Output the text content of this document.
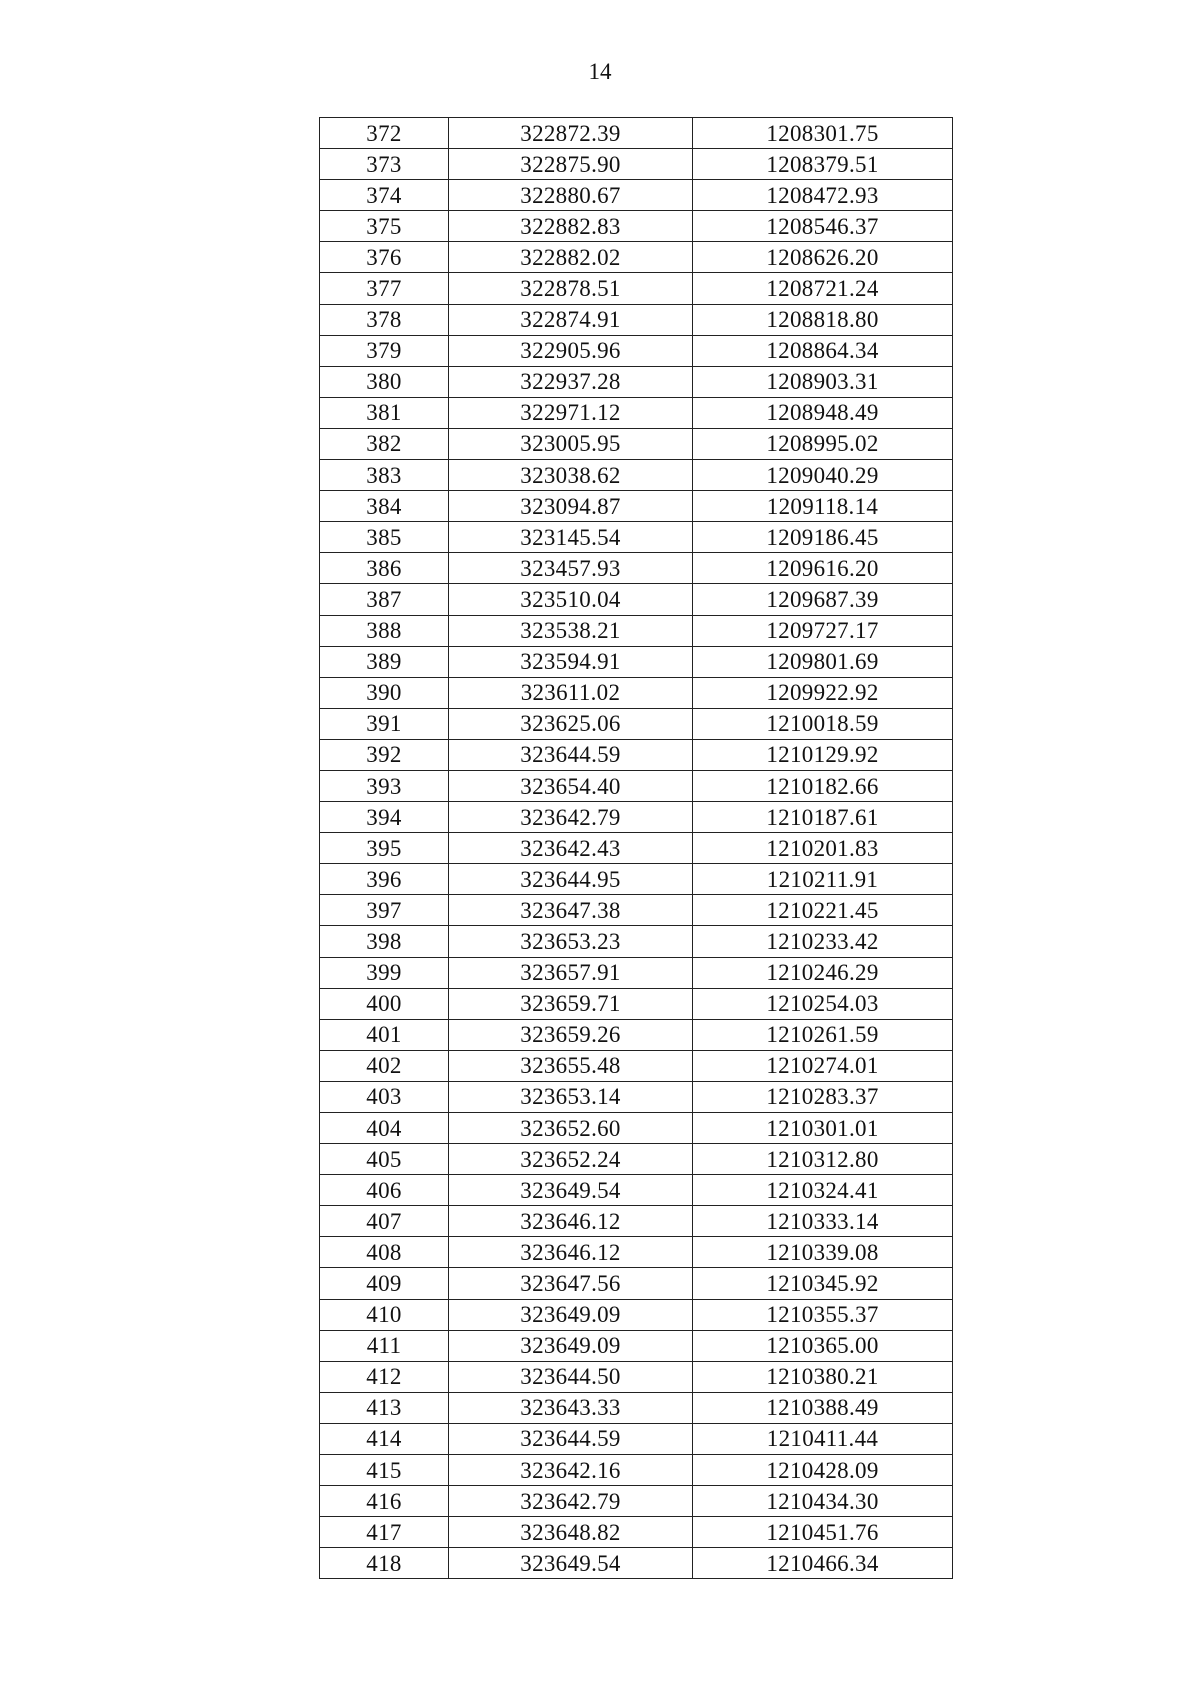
14
372	322872.39	1208301.75
373	322875.90	1208379.51
374	322880.67	1208472.93
375	322882.83	1208546.37
376	322882.02	1208626.20
377	322878.51	1208721.24
378	322874.91	1208818.80
379	322905.96	1208864.34
380	322937.28	1208903.31
381	322971.12	1208948.49
382	323005.95	1208995.02
383	323038.62	1209040.29
384	323094.87	1209118.14
385	323145.54	1209186.45
386	323457.93	1209616.20
387	323510.04	1209687.39
388	323538.21	1209727.17
389	323594.91	1209801.69
390	323611.02	1209922.92
391	323625.06	1210018.59
392	323644.59	1210129.92
393	323654.40	1210182.66
394	323642.79	1210187.61
395	323642.43	1210201.83
396	323644.95	1210211.91
397	323647.38	1210221.45
398	323653.23	1210233.42
399	323657.91	1210246.29
400	323659.71	1210254.03
401	323659.26	1210261.59
402	323655.48	1210274.01
403	323653.14	1210283.37
404	323652.60	1210301.01
405	323652.24	1210312.80
406	323649.54	1210324.41
407	323646.12	1210333.14
408	323646.12	1210339.08
409	323647.56	1210345.92
410	323649.09	1210355.37
411	323649.09	1210365.00
412	323644.50	1210380.21
413	323643.33	1210388.49
414	323644.59	1210411.44
415	323642.16	1210428.09
416	323642.79	1210434.30
417	323648.82	1210451.76
418	323649.54	1210466.34
